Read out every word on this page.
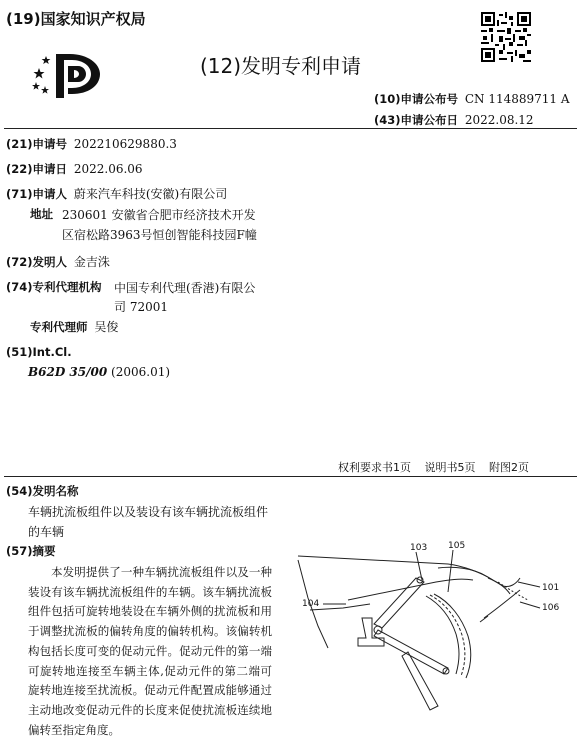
(19)国家知识产权局
(12)发明专利申请
(10)申请公布号 CN 114889711 A
(43)申请公布日 2022.08.12
(21)申请号 202210629880.3
(22)申请日 2022.06.06
(71)申请人 蔚来汽车科技(安徽)有限公司
地址 230601 安徽省合肥市经济技术开发
区宿松路3963号恒创智能科技园F幢
(72)发明人 金吉洙
(74)专利代理机构 中国专利代理(香港)有限公
司 72001
专利代理师 吴俊
(51)Int.Cl.
B62D 35/00 (2006.01)
权利要求书1页 说明书5页 附图2页
(54)发明名称
车辆扰流板组件以及装设有该车辆扰流板组件的车辆
(57)摘要

本发明提供了一种车辆扰流板组件以及一种装设有该车辆扰流板组件的车辆。该车辆扰流板组件包括可旋转地装设在车辆外侧的扰流板和用于调整扰流板的偏转角度的偏转机构。该偏转机构包括长度可变的促动元件。促动元件的第一端可旋转地连接至车辆主体,促动元件的第二端可旋转地连接至扰流板。促动元件配置成能够通过主动地改变促动元件的长度来促使扰流板连续地偏转至指定角度。

103 105
101
104	106
